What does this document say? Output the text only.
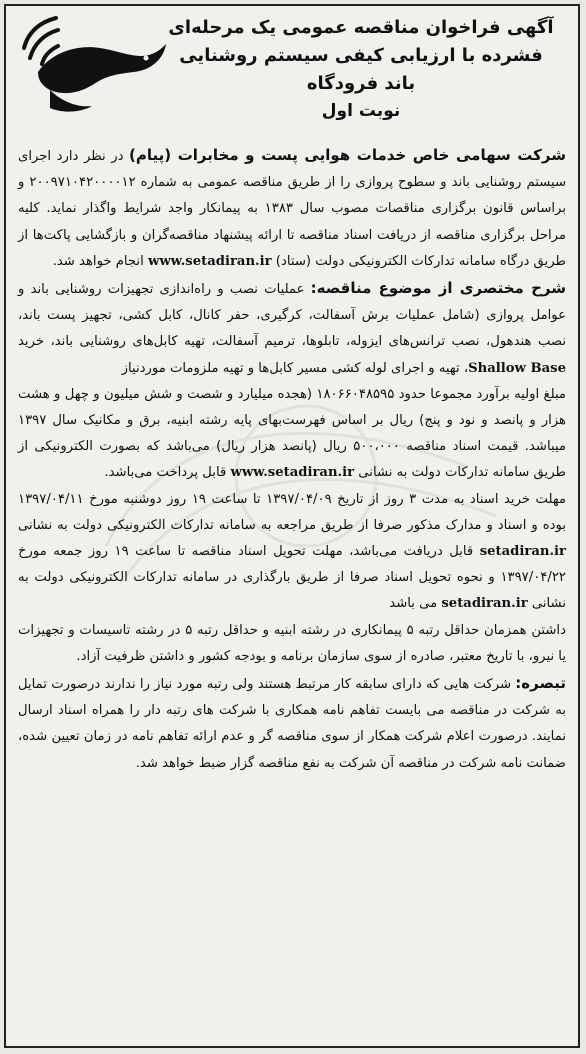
آگهی فراخوان مناقصه عمومی یک مرحله‌ای
فشرده با ارزیابی کیفی سیستم روشنایی
باند فرودگاه
نوبت اول

شرکت سهامی خاص خدمات هوایی پست و مخابرات (پیام) در نظر دارد اجرای سیستم روشنایی باند و سطوح پروازی را از طریق مناقصه عمومی به شماره ۲۰۰۹۷۱۰۴۲۰۰۰۰۱۲ و براساس قانون برگزاری مناقصات مصوب سال ۱۳۸۳ به پیمانکار واجد شرایط واگذار نماید. کلیه مراحل برگزاری مناقصه از دریافت اسناد مناقصه تا ارائه پیشنهاد مناقصه‌گران و بازگشایی پاکت‌ها از طریق درگاه سامانه تدارکات الکترونیکی دولت (ستاد) www.setadiran.ir انجام خواهد شد.

شرح مختصری از موضوع مناقصه: عملیات نصب و راه‌اندازی تجهیزات روشنایی باند و عوامل پروازی (شامل عملیات برش آسفالت، کرگیری، حفر کانال، کابل کشی، تجهیز پست باند، نصب هندهول، نصب ترانس‌های ایزوله، تابلوها، ترمیم آسفالت، تهیه کابل‌های روشنایی باند، خرید Shallow Base، تهیه و اجرای لوله کشی مسیر کابل‌ها و تهیه ملزومات موردنیاز

مبلغ اولیه برآورد مجموعا حدود ۱۸۰۶۶۰۴۸۵۹۵ (هجده میلیارد و شصت و شش میلیون و چهل و هشت هزار و پانصد و نود و پنج) ریال بر اساس فهرست‌بهای پایه رشته ابنیه، برق و مکانیک سال ۱۳۹۷ میباشد. قیمت اسناد مناقصه ۵۰۰،۰۰۰ ریال (پانصد هزار ریال) می‌باشد که بصورت الکترونیکی از طریق سامانه تدارکات دولت به نشانی www.setadiran.ir قابل پرداخت می‌باشد.

مهلت خرید اسناد به مدت ۳ روز از تاریخ ۱۳۹۷/۰۴/۰۹ تا ساعت ۱۹ روز دوشنبه مورخ ۱۳۹۷/۰۴/۱۱ بوده و اسناد و مدارک مذکور صرفا از طریق مراجعه به سامانه تدارکات الکترونیکی دولت به نشانی setadiran.ir قابل دریافت می‌باشد، مهلت تحویل اسناد مناقصه تا ساعت ۱۹ روز جمعه مورخ ۱۳۹۷/۰۴/۲۲ و نحوه تحویل اسناد صرفا از طریق بارگذاری در سامانه تدارکات الکترونیکی دولت به نشانی setadiran.ir می باشد

داشتن همزمان حداقل رتبه ۵ پیمانکاری در رشته ابنیه و حداقل رتبه ۵ در رشته تاسیسات و تجهیزات یا نیرو، با تاریخ معتبر، صادره از سوی سازمان برنامه و بودجه کشور و داشتن ظرفیت آزاد.

تبصره: شرکت هایی که دارای سابقه کار مرتبط هستند ولی رتبه مورد نیاز را ندارند درصورت تمایل به شرکت در مناقصه می بایست تفاهم نامه همکاری با شرکت های رتبه دار را همراه اسناد ارسال نمایند. درصورت اعلام شرکت همکار از سوی مناقصه گر و عدم ارائه تفاهم نامه در زمان تعیین شده، ضمانت نامه شرکت در مناقصه آن شرکت به نفع مناقصه گزار ضبط خواهد شد.
